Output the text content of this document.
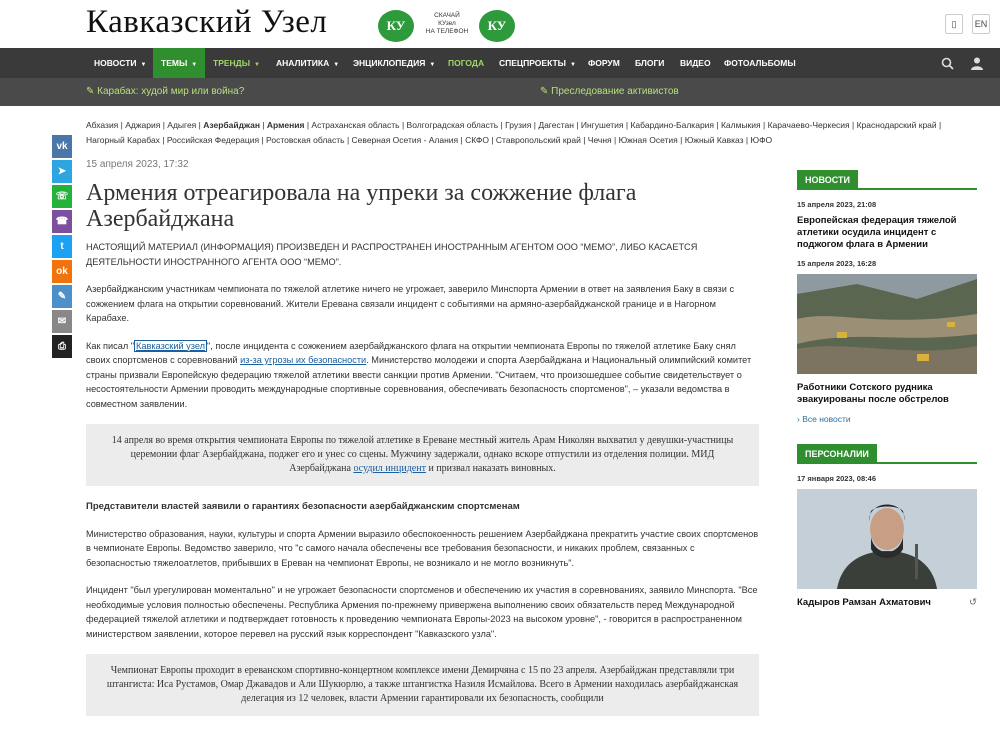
Кавказский Узел	КУ
СКАЧАЙ
КУзел
НА ТЕЛЕФОН	КУ	▯	EN
НОВОСТИ ▼	ТЕМЫ ▼	ТРЕНДЫ ▼	АНАЛИТИКА ▼	ЭНЦИКЛОПЕДИЯ ▼	ПОГОДА	СПЕЦПРОЕКТЫ ▼	ФОРУМ	БЛОГИ	ВИДЕО	ФОТОАЛЬБОМЫ
✎ Карабах: худой мир или война?	✎ Преследование активистов
Абхазия | Аджария | Адыгея | Азербайджан | Армения | Астраханская область | Волгоградская область | Грузия | Дагестан | Ингушетия | Кабардино-Балкария | Калмыкия | Карачаево-Черкесия | Краснодарский край | Нагорный Карабах | Российская Федерация | Ростовская область | Северная Осетия - Алания | СКФО | Ставропольский край | Чечня | Южная Осетия | Южный Кавказ | ЮФО
vk
➤
☏
☎
t
ok
✎
✉
⎙
15 апреля 2023, 17:32
Армения отреагировала на упреки за сожжение флага Азербайджана

НАСТОЯЩИЙ МАТЕРИАЛ (ИНФОРМАЦИЯ) ПРОИЗВЕДЕН И РАСПРОСТРАНЕН ИНОСТРАННЫМ АГЕНТОМ ООО “МЕМО”, ЛИБО КАСАЕТСЯ ДЕЯТЕЛЬНОСТИ ИНОСТРАННОГО АГЕНТА ООО “МЕМО”.

Азербайджанским участникам чемпионата по тяжелой атлетике ничего не угрожает, заверило Минспорта Армении в ответ на заявления Баку в связи с сожжением флага на открытии соревнований. Жители Еревана связали инцидент с событиями на армяно-азербайджанской границе и в Нагорном Карабахе.

Как писал " Кавказский узел ", после инцидента с сожжением азербайджанского флага на открытии чемпионата Европы по тяжелой атлетике Баку снял своих спортсменов с соревнований из-за угрозы их безопасности. Министерство молодежи и спорта Азербайджана и Национальный олимпийский комитет страны призвали Европейскую федерацию тяжелой атлетики ввести санкции против Армении. "Считаем, что произошедшее событие свидетельствует о несостоятельности Армении проводить международные спортивные соревнования, обеспечивать безопасность спортсменов", – указали ведомства в совместном заявлении.

14 апреля во время открытия чемпионата Европы по тяжелой атлетике в Ереване местный житель Арам Николян выхватил у девушки-участницы церемонии флаг Азербайджана, поджег его и унес со сцены. Мужчину задержали, однако вскоре отпустили из отделения полиции. МИД Азербайджана осудил инцидент и призвал наказать виновных.
Представители властей заявили о гарантиях безопасности азербайджанским спортсменам

Министерство образования, науки, культуры и спорта Армении выразило обеспокоенность решением Азербайджана прекратить участие своих спортсменов в чемпионате Европы. Ведомство заверило, что "с самого начала обеспечены все требования безопасности, и никаких проблем, связанных с безопасностью тяжелоатлетов, прибывших в Ереван на чемпионат Европы, не возникало и не могло возникнуть".

Инцидент "был урегулирован моментально" и не угрожает безопасности спортсменов и обеспечению их участия в соревнованиях, заявило Минспорта. "Все необходимые условия полностью обеспечены. Республика Армения по-прежнему привержена выполнению своих обязательств перед Международной федерацией тяжелой атлетики и подтверждает готовность к проведению чемпионата Европы-2023 на высоком уровне", - говорится в распространенном министерством заявлении, которое перевел на русский язык корреспондент "Кавказского узла".

Чемпионат Европы проходит в ереванском спортивно-концертном комплексе имени Демирчяна с 15 по 23 апреля. Азербайджан представляли три штангиста: Иса Рустамов, Омар Джавадов и Али Шукюрлю, а также штангистка Назиля Исмайлова. Всего в Армении находилась азербайджанская делегация из 12 человек, власти Армении гарантировали их безопасность, сообщили
НОВОСТИ
15 апреля 2023, 21:08
Европейская федерация тяжелой атлетики осудила инцидент с поджогом флага в Армении
15 апреля 2023, 16:28
Работники Сотского рудника эвакуированы после обстрелов
› Все новости
ПЕРСОНАЛИИ
17 января 2023, 08:46
Кадыров Рамзан Ахматович	↺
